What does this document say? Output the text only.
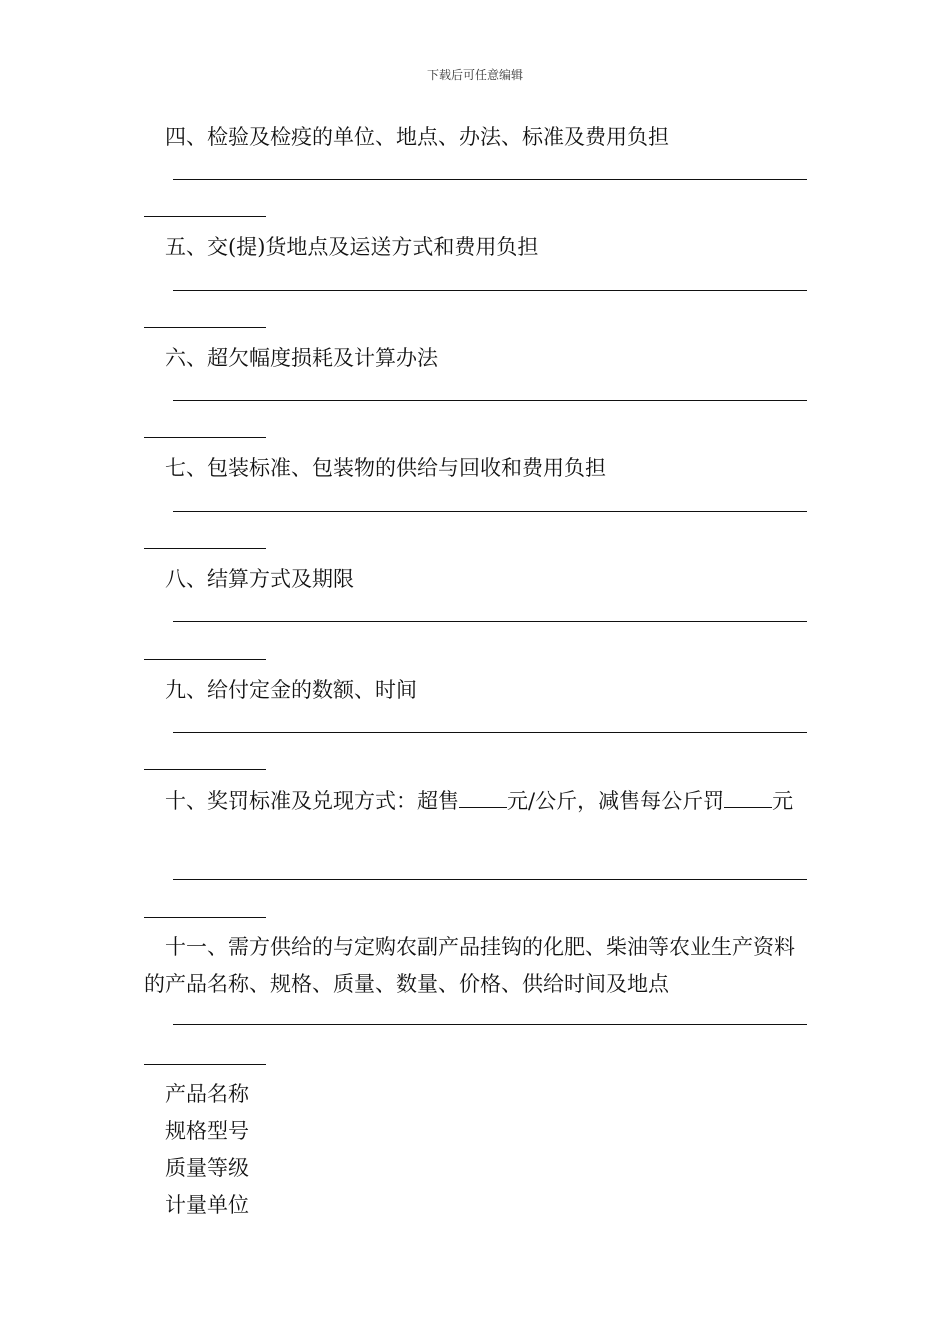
下载后可任意编辑
四、检验及检疫的单位、地点、办法、标准及费用负担
五、交(提)货地点及运送方式和费用负担
六、超欠幅度损耗及计算办法
七、包装标准、包装物的供给与回收和费用负担
八、结算方式及期限
九、给付定金的数额、时间
十、奖罚标准及兑现方式：超售 元/公斤，减售每公斤罚 元
十一、需方供给的与定购农副产品挂钩的化肥、柴油等农业生产资料的产品名称、规格、质量、数量、价格、供给时间及地点
产品名称
规格型号
质量等级
计量单位
